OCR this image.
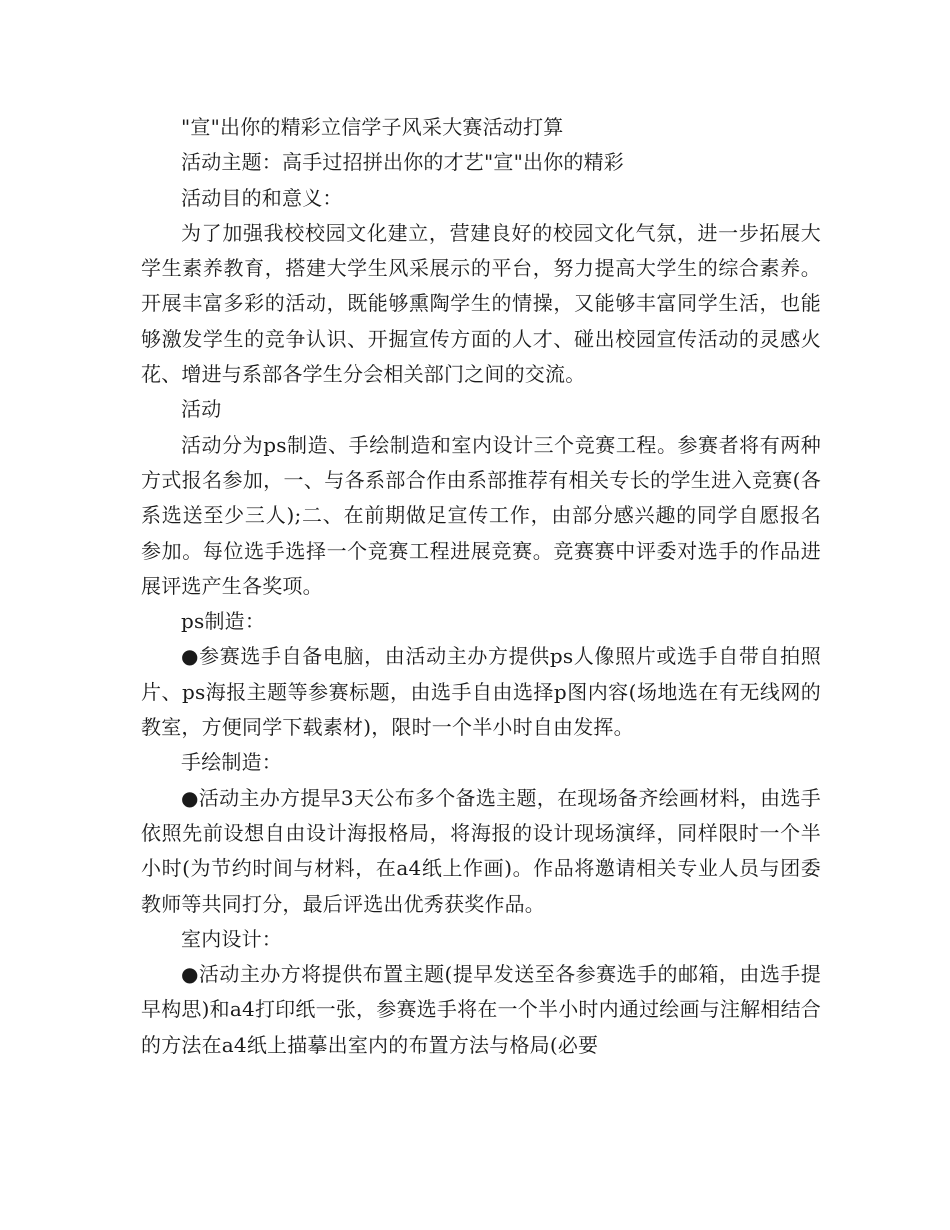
"宣"出你的精彩立信学子风采大赛活动打算

活动主题：高手过招拼出你的才艺"宣"出你的精彩

活动目的和意义：

为了加强我校校园文化建立，营建良好的校园文化气氛，进一步拓展大学生素养教育，搭建大学生风采展示的平台，努力提高大学生的综合素养。开展丰富多彩的活动，既能够熏陶学生的情操，又能够丰富同学生活，也能够激发学生的竞争认识、开掘宣传方面的人才、碰出校园宣传活动的灵感火花、增进与系部各学生分会相关部门之间的交流。

活动

活动分为ps制造、手绘制造和室内设计三个竞赛工程。参赛者将有两种方式报名参加，一、与各系部合作由系部推荐有相关专长的学生进入竞赛(各系选送至少三人);二、在前期做足宣传工作，由部分感兴趣的同学自愿报名参加。每位选手选择一个竞赛工程进展竞赛。竞赛赛中评委对选手的作品进展评选产生各奖项。

ps制造：

●参赛选手自备电脑，由活动主办方提供ps人像照片或选手自带自拍照片、ps海报主题等参赛标题，由选手自由选择p图内容(场地选在有无线网的教室，方便同学下载素材)，限时一个半小时自由发挥。

手绘制造：

●活动主办方提早3天公布多个备选主题，在现场备齐绘画材料，由选手依照先前设想自由设计海报格局，将海报的设计现场演绎，同样限时一个半小时(为节约时间与材料，在a4纸上作画)。作品将邀请相关专业人员与团委教师等共同打分，最后评选出优秀获奖作品。

室内设计：

●活动主办方将提供布置主题(提早发送至各参赛选手的邮箱，由选手提早构思)和a4打印纸一张，参赛选手将在一个半小时内通过绘画与注解相结合的方法在a4纸上描摹出室内的布置方法与格局(必要
